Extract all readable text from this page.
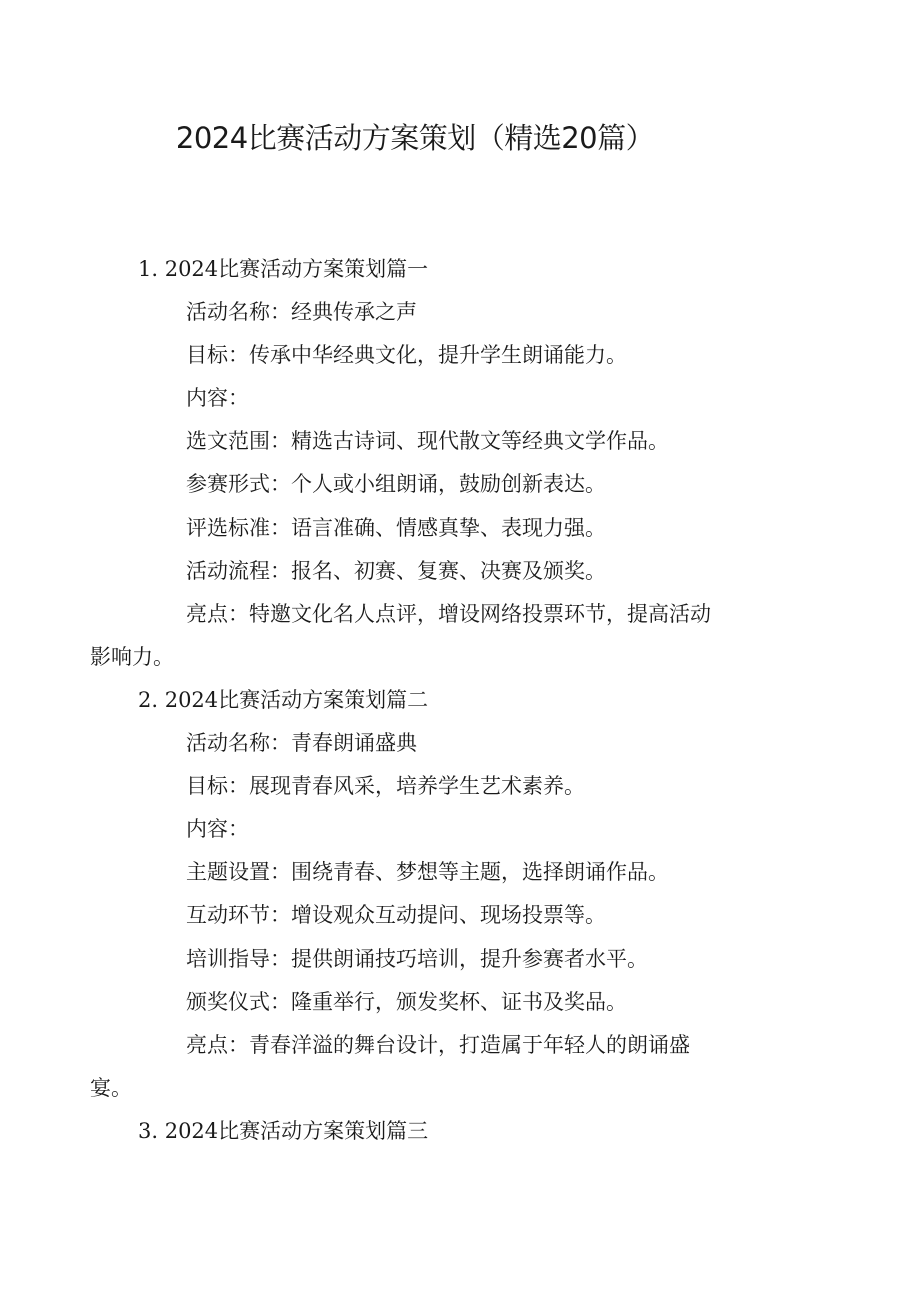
2024比赛活动方案策划（精选20篇）
1. 2024比赛活动方案策划篇一

活动名称：经典传承之声

目标：传承中华经典文化，提升学生朗诵能力。

内容：

选文范围：精选古诗词、现代散文等经典文学作品。

参赛形式：个人或小组朗诵，鼓励创新表达。

评选标准：语言准确、情感真挚、表现力强。

活动流程：报名、初赛、复赛、决赛及颁奖。

亮点：特邀文化名人点评，增设网络投票环节，提高活动
影响力。

2. 2024比赛活动方案策划篇二

活动名称：青春朗诵盛典

目标：展现青春风采，培养学生艺术素养。

内容：

主题设置：围绕青春、梦想等主题，选择朗诵作品。

互动环节：增设观众互动提问、现场投票等。

培训指导：提供朗诵技巧培训，提升参赛者水平。

颁奖仪式：隆重举行，颁发奖杯、证书及奖品。

亮点：青春洋溢的舞台设计，打造属于年轻人的朗诵盛
宴。

3. 2024比赛活动方案策划篇三
